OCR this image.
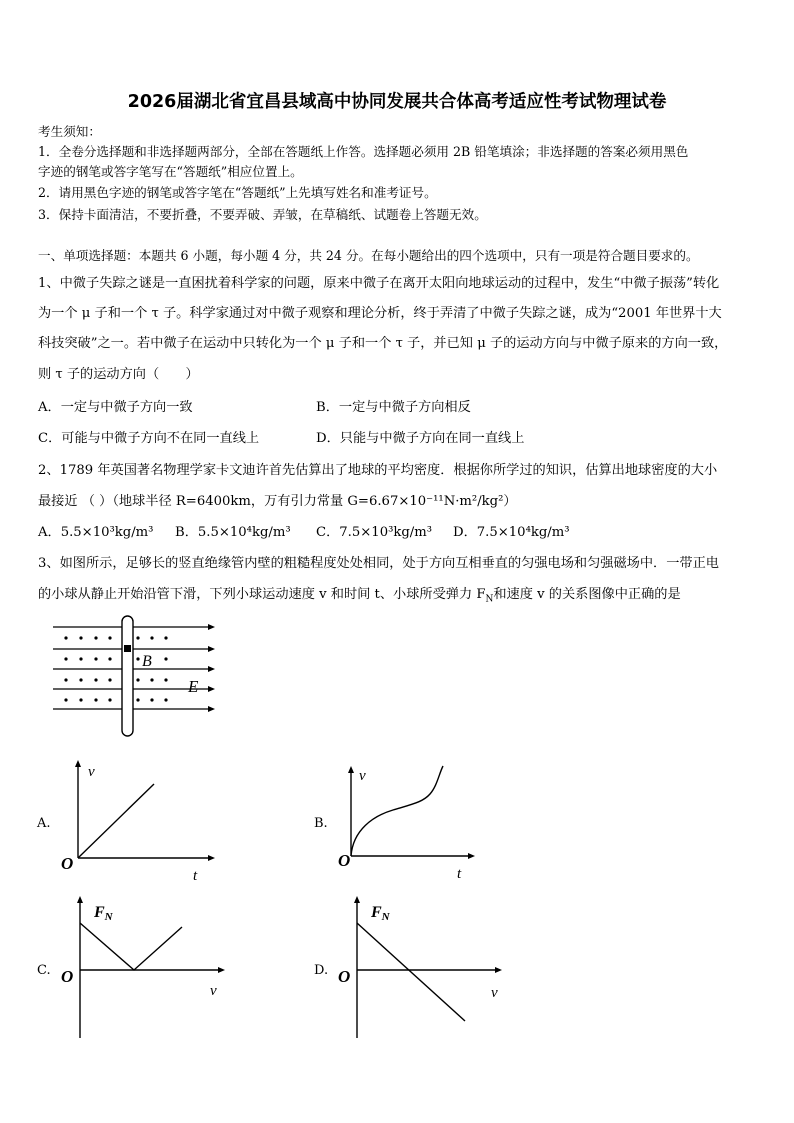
2026届湖北省宜昌县域高中协同发展共合体高考适应性考试物理试卷
考生须知：
1．全卷分选择题和非选择题两部分，全部在答题纸上作答。选择题必须用 2B 铅笔填涂；非选择题的答案必须用黑色
字迹的钢笔或答字笔写在“答题纸”相应位置上。
2．请用黑色字迹的钢笔或答字笔在“答题纸”上先填写姓名和准考证号。
3．保持卡面清洁，不要折叠，不要弄破、弄皱，在草稿纸、试题卷上答题无效。
一、单项选择题：本题共 6 小题，每小题 4 分，共 24 分。在每小题给出的四个选项中，只有一项是符合题目要求的。
1、中微子失踪之谜是一直困扰着科学家的问题，原来中微子在离开太阳向地球运动的过程中，发生“中微子振荡”转化
为一个 μ 子和一个 τ 子。科学家通过对中微子观察和理论分析，终于弄清了中微子失踪之谜，成为“2001 年世界十大
科技突破”之一。若中微子在运动中只转化为一个 μ 子和一个 τ 子，并已知 μ 子的运动方向与中微子原来的方向一致，
则 τ 子的运动方向（　　）
A．一定与中微子方向一致	B．一定与中微子方向相反
C．可能与中微子方向不在同一直线上	D．只能与中微子方向在同一直线上
2、1789 年英国著名物理学家卡文迪许首先估算出了地球的平均密度．根据你所学过的知识，估算出地球密度的大小
最接近 （ ）（地球半径 R=6400km，万有引力常量 G=6.67×10⁻¹¹N·m²/kg²）
A．5.5×10³kg/m³ B．5.5×10⁴kg/m³ C．7.5×10³kg/m³ D．7.5×10⁴kg/m³
3、如图所示，足够长的竖直绝缘管内壁的粗糙程度处处相同，处于方向互相垂直的匀强电场和匀强磁场中．一带正电
的小球从静止开始沿管下滑，下列小球运动速度 v 和时间 t、小球所受弹力 $F_N$和速度 v 的关系图像中正确的是
B
E
A.
v
O
t
B.
v
O
t
C.
FN
O
v
D.
FN
O
v
